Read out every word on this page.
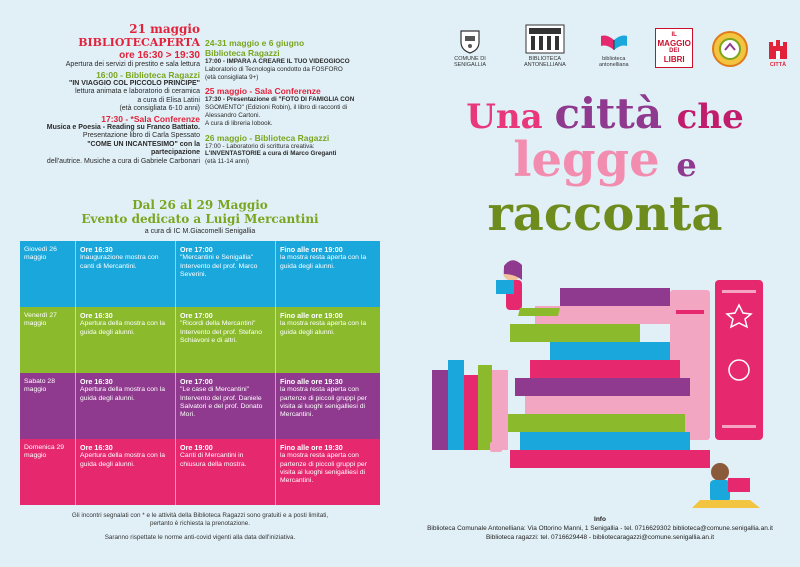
21 maggio

BIBLIOTECAPERTA

ore 16:30 > 19:30

Apertura dei servizi di prestito e sala lettura

16:00 - Biblioteca Ragazzi

"IN VIAGGIO COL PICCOLO PRINCIPE"

lettura animata e laboratorio di ceramica

a cura di Elisa Latini

(età consigliata 6-10 anni)

17:30 - *Sala Conferenze

Musica e Poesia - Reading su Franco Battiato.

Presentazione libro di Carla Spessato

"COME UN INCANTESIMO" con la partecipazione

dell'autrice. Musiche a cura di Gabriele Carbonari

24-31 maggio e 6 giugno

Biblioteca Ragazzi

17:00 - IMPARA A CREARE IL TUO VIDEOGIOCO

Laboratorio di Tecnologia condotto da FOSFORO

(età consigliata 9+)

25 maggio - Sala Conferenze

17:30 - Presentazione di "FOTO DI FAMIGLIA CON

SGOMENTO" (Edizioni Robin), il libro di racconti di

Alessandro Cartoni.

A cura di libreria Iobook.

26 maggio - Biblioteca Ragazzi

17:00 - Laboratorio di scrittura creativa:

L'INVENTASTORIE a cura di Marco Greganti

(età 11-14 anni)

Dal 26 al 29 Maggio
Evento dedicato a Luigi Mercantini
a cura di IC M.Giacomelli Senigallia
Giovedì 26 maggio
Ore 16:30
Inaugurazione mostra con canti di Mercantini.
Ore 17:00
"Mercantini e Senigallia" Intervento del prof. Marco Severini.
Fino alle ore 19:00
la mostra resta aperta con la guida degli alunni.
Venerdì 27 maggio
Ore 16:30
Apertura della mostra con la guida degli alunni.
Ore 17:00
"Ricordi della Mercantini" Intervento del prof. Stefano Schiavoni e di altri.
Fino alle ore 19:00
la mostra resta aperta con la guida degli alunni.
Sabato 28 maggio
Ore 16:30
Apertura della mostra con la guida degli alunni.
Ore 17:00
"Le case di Mercantini" Intervento del prof. Daniele Salvatori e del prof. Donato Mori.
Fino alle ore 19:30
la mostra resta aperta con partenze di piccoli gruppi per visita ai luoghi senigalliesi di Mercantini.
Domenica 29 maggio
Ore 16:30
Apertura della mostra con la guida degli alunni.
Ore 19:00
Canti di Mercantini in chiusura della mostra.
Fino alle ore 19:30
la mostra resta aperta con partenze di piccoli gruppi per visita ai luoghi senigalliesi di Mercantini.
Gli incontri segnalati con * e le attività della Biblioteca Ragazzi sono gratuiti e a posti limitati,
pertanto è richiesta la prenotazione.
Saranno rispettate le norme anti-covid vigenti alla data dell'iniziativa.
COMUNE DI SENIGALLIA
BIBLIOTECA ANTONELLIANA
biblioteca antonelliana
IL
MAGGIO
DEI
LIBRI
CITTÀ
Una città che
legge e
racconta
Info
Biblioteca Comunale Antonelliana: Via Ottorino Manni, 1 Senigallia - tel. 0716629302 biblioteca@comune.senigallia.an.it
Biblioteca ragazzi: tel. 0716629448 - bibliotecaragazzi@comune.senigallia.an.it
